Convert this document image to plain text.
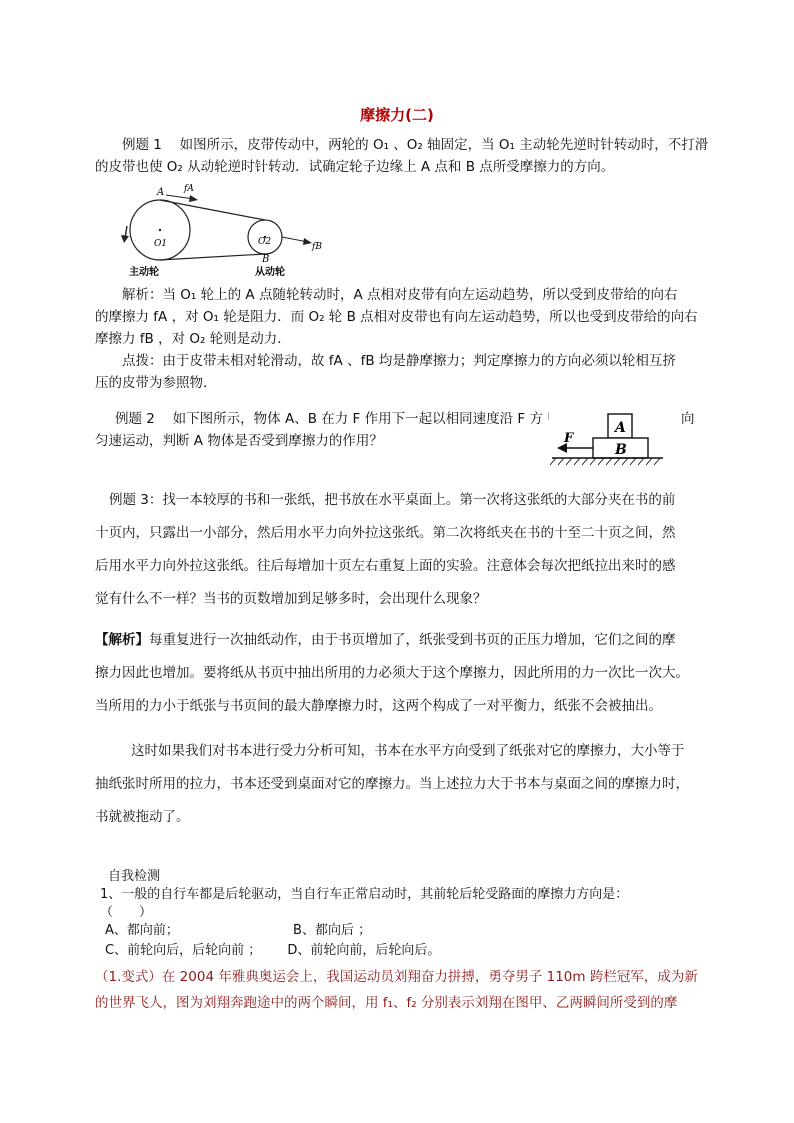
摩擦力(二)
例题 1　 如图所示，皮带传动中，两轮的 O₁ 、O₂ 轴固定，当 O₁ 主动轮先逆时针转动时，不打滑
的皮带也使 O₂ 从动轮逆时针转动．试确定轮子边缘上 A 点和 B 点所受摩擦力的方向。
A fA
O1	O2
B
fB
主动轮	从动轮
解析：当 O₁ 轮上的 A 点随轮转动时，A 点相对皮带有向左运动趋势，所以受到皮带给的向右
的摩擦力 fA ，对 O₁ 轮是阻力．而 O₂ 轮 B 点相对皮带也有向左运动趋势，所以也受到皮带给的向右
摩擦力 fB ，对 O₂ 轮则是动力．
点拨：由于皮带未相对轮滑动，故 fA 、fB 均是静摩擦力；判定摩擦力的方向必须以轮相互挤
压的皮带为参照物．
例题 2　 如下图所示，物体 A、B 在力 F 作用下一起以相同速度沿 F 方
匀速运动，判断 A 物体是否受到摩擦力的作用？
向
A
B
F
例题 3：找一本较厚的书和一张纸，把书放在水平桌面上。第一次将这张纸的大部分夹在书的前
十页内，只露出一小部分，然后用水平力向外拉这张纸。第二次将纸夹在书的十至二十页之间，然
后用水平力向外拉这张纸。往后每增加十页左右重复上面的实验。注意体会每次把纸拉出来时的感
觉有什么不一样？当书的页数增加到足够多时，会出现什么现象？
【解析】每重复进行一次抽纸动作，由于书页增加了，纸张受到书页的正压力增加，它们之间的摩
擦力因此也增加。要将纸从书页中抽出所用的力必须大于这个摩擦力，因此所用的力一次比一次大。
当所用的力小于纸张与书页间的最大静摩擦力时，这两个构成了一对平衡力，纸张不会被抽出。
这时如果我们对书本进行受力分析可知，书本在水平方向受到了纸张对它的摩擦力，大小等于
抽纸张时所用的拉力，书本还受到桌面对它的摩擦力。当上述拉力大于书本与桌面之间的摩擦力时，
书就被拖动了。
自我检测
1、一般的自行车都是后轮驱动，当自行车正常启动时，其前轮后轮受路面的摩擦力方向是：
（　　）
A、都向前；	B、都向后 ；
C、前轮向后，后轮向前 ； D、前轮向前，后轮向后。
（1.变式）在 2004 年雅典奥运会上，我国运动员刘翔奋力拼搏，勇夺男子 110m 跨栏冠军，成为新
的世界飞人，图为刘翔奔跑途中的两个瞬间，用 f₁、f₂ 分别表示刘翔在图甲、乙两瞬间所受到的摩
